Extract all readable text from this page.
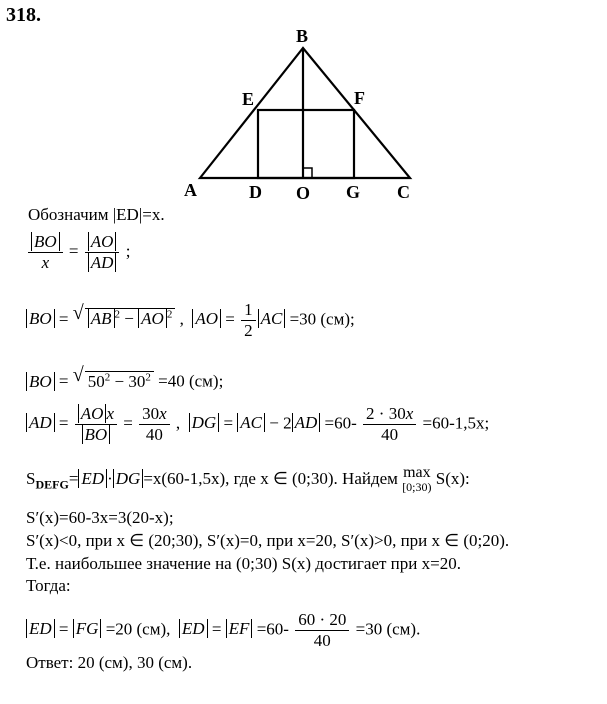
318.
B
E	F
A	D O G C
Обозначим |ED|=x.
$\frac{BO}{x} = \frac{AO}{AD}$ ;
BO = √ AB $^2$ − AO $^2$ ,  AO = $\frac{1}{2}$ AC =30 (см);
BO = √ $50^2 - 30^2 =40$ (см);
AD = $\frac{\text{AO x}}{BO} = \frac{30x}{40}$ ,  DG = AC − 2 AD $=60- \frac{2 \cdot 30x}{40} =60-1,5x$;
$S_{DEFG}=$ ED · DG =x(60-1,5x), где x ∈ (0;30). Найдем max
[0;30) S(x):
S′(x)=60-3x=3(20-x);
S′(x)<0, при x ∈ (20;30), S′(x)=0, при x=20, S′(x)>0, при x ∈ (0;20).
Т.е. наибольшее значение на (0;30) S(x) достигает при x=20.
Тогда:
ED = FG =20 (см), ED = EF $=60- \frac{60 \cdot 20}{40} =30$ (см).
Ответ: 20 (см), 30 (см).
